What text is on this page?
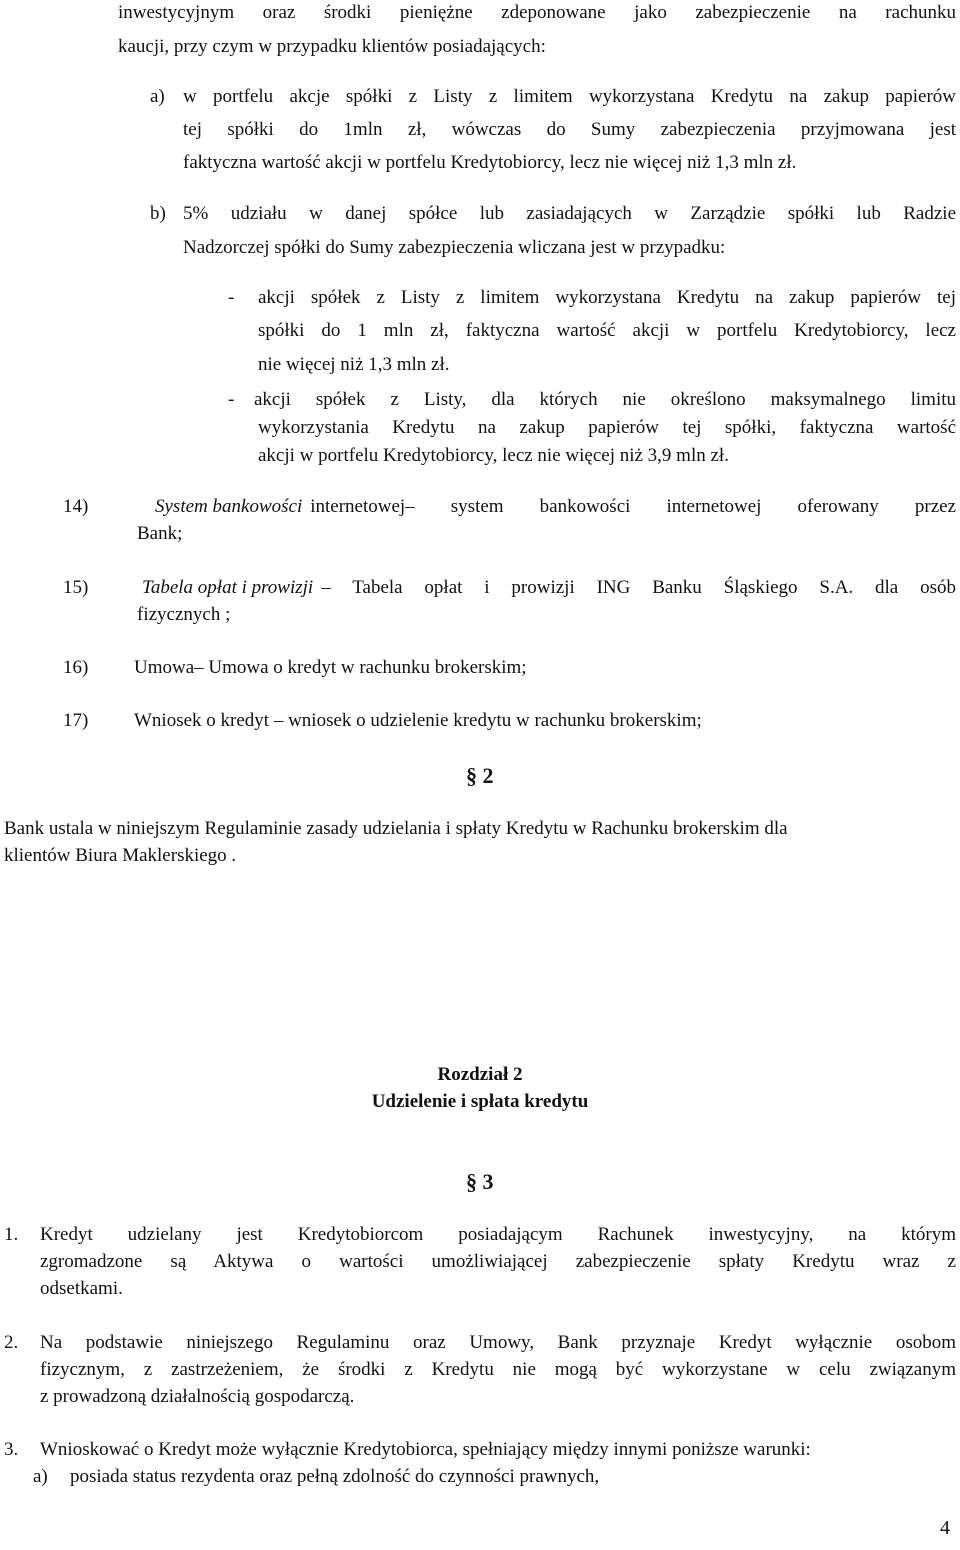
inwestycyjnym oraz środki pieniężne zdeponowane jako zabezpieczenie na rachunku
kaucji, przy czym w przypadku klientów posiadających:
a) w portfelu akcje spółki z Listy z limitem wykorzystana Kredytu na zakup papierów
tej spółki do 1mln zł, wówczas do Sumy zabezpieczenia przyjmowana jest
faktyczna wartość akcji w portfelu Kredytobiorcy, lecz nie więcej niż 1,3 mln zł.
b) 5% udziału w danej spółce lub zasiadających w Zarządzie spółki lub Radzie
Nadzorczej spółki do Sumy zabezpieczenia wliczana jest w przypadku:
- akcji spółek z Listy z limitem wykorzystana Kredytu na zakup papierów tej
spółki do 1 mln zł, faktyczna wartość akcji w portfelu Kredytobiorcy, lecz
nie więcej niż 1,3 mln zł.
- akcji spółek z Listy, dla których nie określono maksymalnego limitu
wykorzystania Kredytu na zakup papierów tej spółki, faktyczna wartość
akcji w portfelu Kredytobiorcy, lecz nie więcej niż 3,9 mln zł.
14)	System bankowości internetowej– system bankowości internetowej oferowany przez
Bank;
15)	Tabela opłat i prowizji – Tabela opłat i prowizji ING Banku Śląskiego S.A. dla osób
fizycznych ;
16) Umowa– Umowa o kredyt w rachunku brokerskim;
17) Wniosek o kredyt – wniosek o udzielenie kredytu w rachunku brokerskim;
§ 2
Bank ustala w niniejszym Regulaminie zasady udzielania i spłaty Kredytu w Rachunku brokerskim dla
klientów Biura Maklerskiego .
Rozdział 2
Udzielenie i spłata kredytu
§ 3
1. Kredyt udzielany jest Kredytobiorcom posiadającym Rachunek inwestycyjny, na którym
zgromadzone są Aktywa o wartości umożliwiającej zabezpieczenie spłaty Kredytu wraz z
odsetkami.
2. Na podstawie niniejszego Regulaminu oraz Umowy, Bank przyznaje Kredyt wyłącznie osobom
fizycznym, z zastrzeżeniem, że środki z Kredytu nie mogą być wykorzystane w celu związanym
z prowadzoną działalnością gospodarczą.
3. Wnioskować o Kredyt może wyłącznie Kredytobiorca, spełniający między innymi poniższe warunki:
a) posiada status rezydenta oraz pełną zdolność do czynności prawnych,
4
